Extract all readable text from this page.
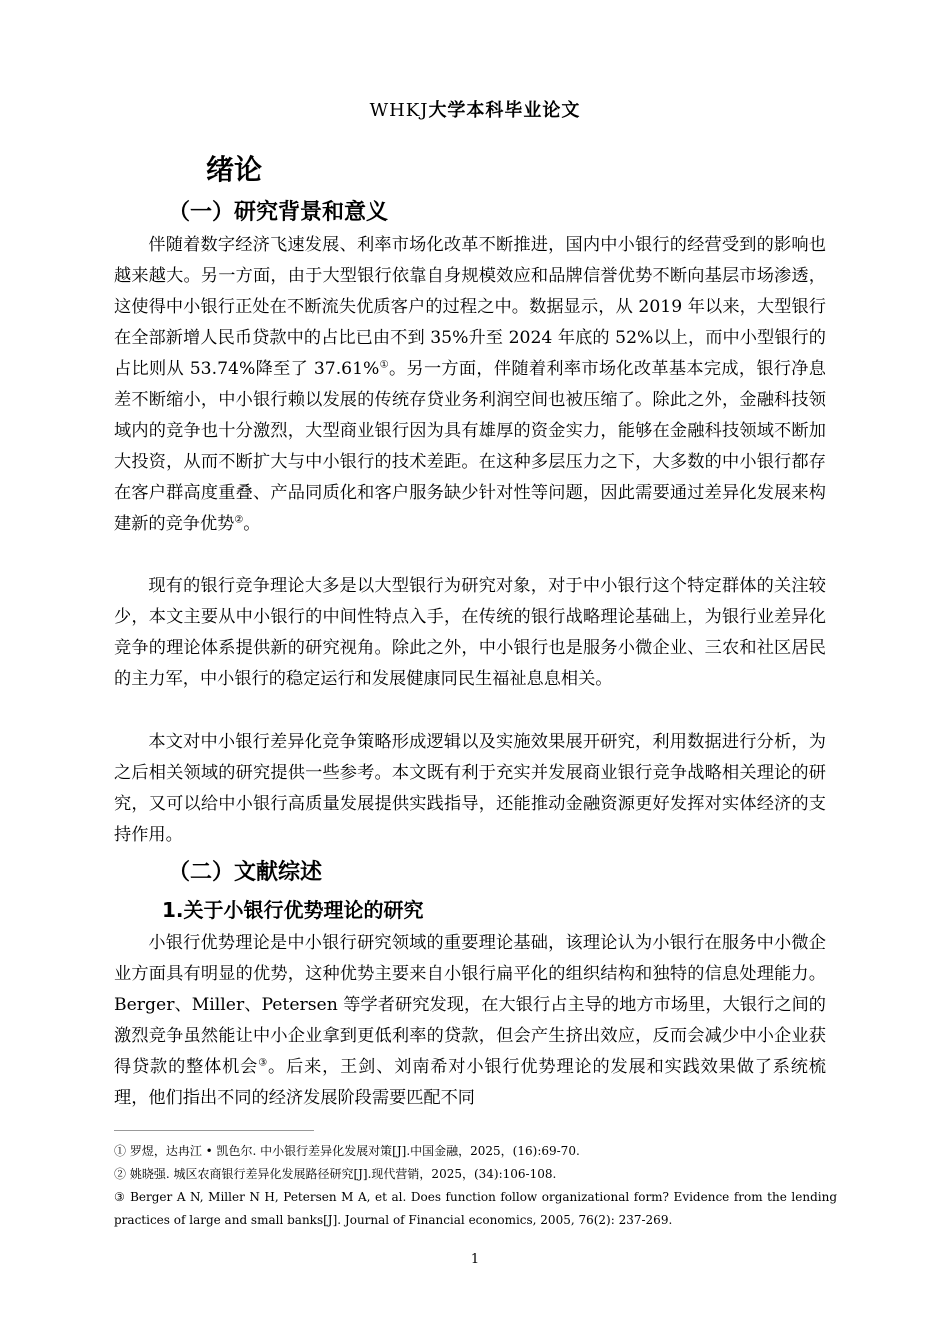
WHKJ大学本科毕业论文
绪论
（一）研究背景和意义
伴随着数字经济飞速发展、利率市场化改革不断推进，国内中小银行的经营受到的影响也越来越大。另一方面，由于大型银行依靠自身规模效应和品牌信誉优势不断向基层市场渗透，这使得中小银行正处在不断流失优质客户的过程之中。数据显示，从 2019 年以来，大型银行在全部新增人民币贷款中的占比已由不到 35%升至 2024 年底的 52%以上，而中小型银行的占比则从 53.74%降至了 37.61%①。另一方面，伴随着利率市场化改革基本完成，银行净息差不断缩小，中小银行赖以发展的传统存贷业务利润空间也被压缩了。除此之外，金融科技领域内的竞争也十分激烈，大型商业银行因为具有雄厚的资金实力，能够在金融科技领域不断加大投资，从而不断扩大与中小银行的技术差距。在这种多层压力之下，大多数的中小银行都存在客户群高度重叠、产品同质化和客户服务缺少针对性等问题，因此需要通过差异化发展来构建新的竞争优势②。
现有的银行竞争理论大多是以大型银行为研究对象，对于中小银行这个特定群体的关注较少，本文主要从中小银行的中间性特点入手，在传统的银行战略理论基础上，为银行业差异化竞争的理论体系提供新的研究视角。除此之外，中小银行也是服务小微企业、三农和社区居民的主力军，中小银行的稳定运行和发展健康同民生福祉息息相关。
本文对中小银行差异化竞争策略形成逻辑以及实施效果展开研究，利用数据进行分析，为之后相关领域的研究提供一些参考。本文既有利于充实并发展商业银行竞争战略相关理论的研究，又可以给中小银行高质量发展提供实践指导，还能推动金融资源更好发挥对实体经济的支持作用。
（二）文献综述
1.关于小银行优势理论的研究
小银行优势理论是中小银行研究领域的重要理论基础，该理论认为小银行在服务中小微企业方面具有明显的优势，这种优势主要来自小银行扁平化的组织结构和独特的信息处理能力。Berger、Miller、Petersen 等学者研究发现，在大银行占主导的地方市场里，大银行之间的激烈竞争虽然能让中小企业拿到更低利率的贷款，但会产生挤出效应，反而会减少中小企业获得贷款的整体机会③。后来，王剑、刘南希对小银行优势理论的发展和实践效果做了系统梳理，他们指出不同的经济发展阶段需要匹配不同
① 罗煜，达冉江 • 凯色尔. 中小银行差异化发展对策[J].中国金融，2025，(16):69-70.
② 姚晓强. 城区农商银行差异化发展路径研究[J].现代营销，2025，(34):106-108.
③ Berger A N, Miller N H, Petersen M A, et al. Does function follow organizational form? Evidence from the lending practices of large and small banks[J]. Journal of Financial economics, 2005, 76(2): 237-269.
1
